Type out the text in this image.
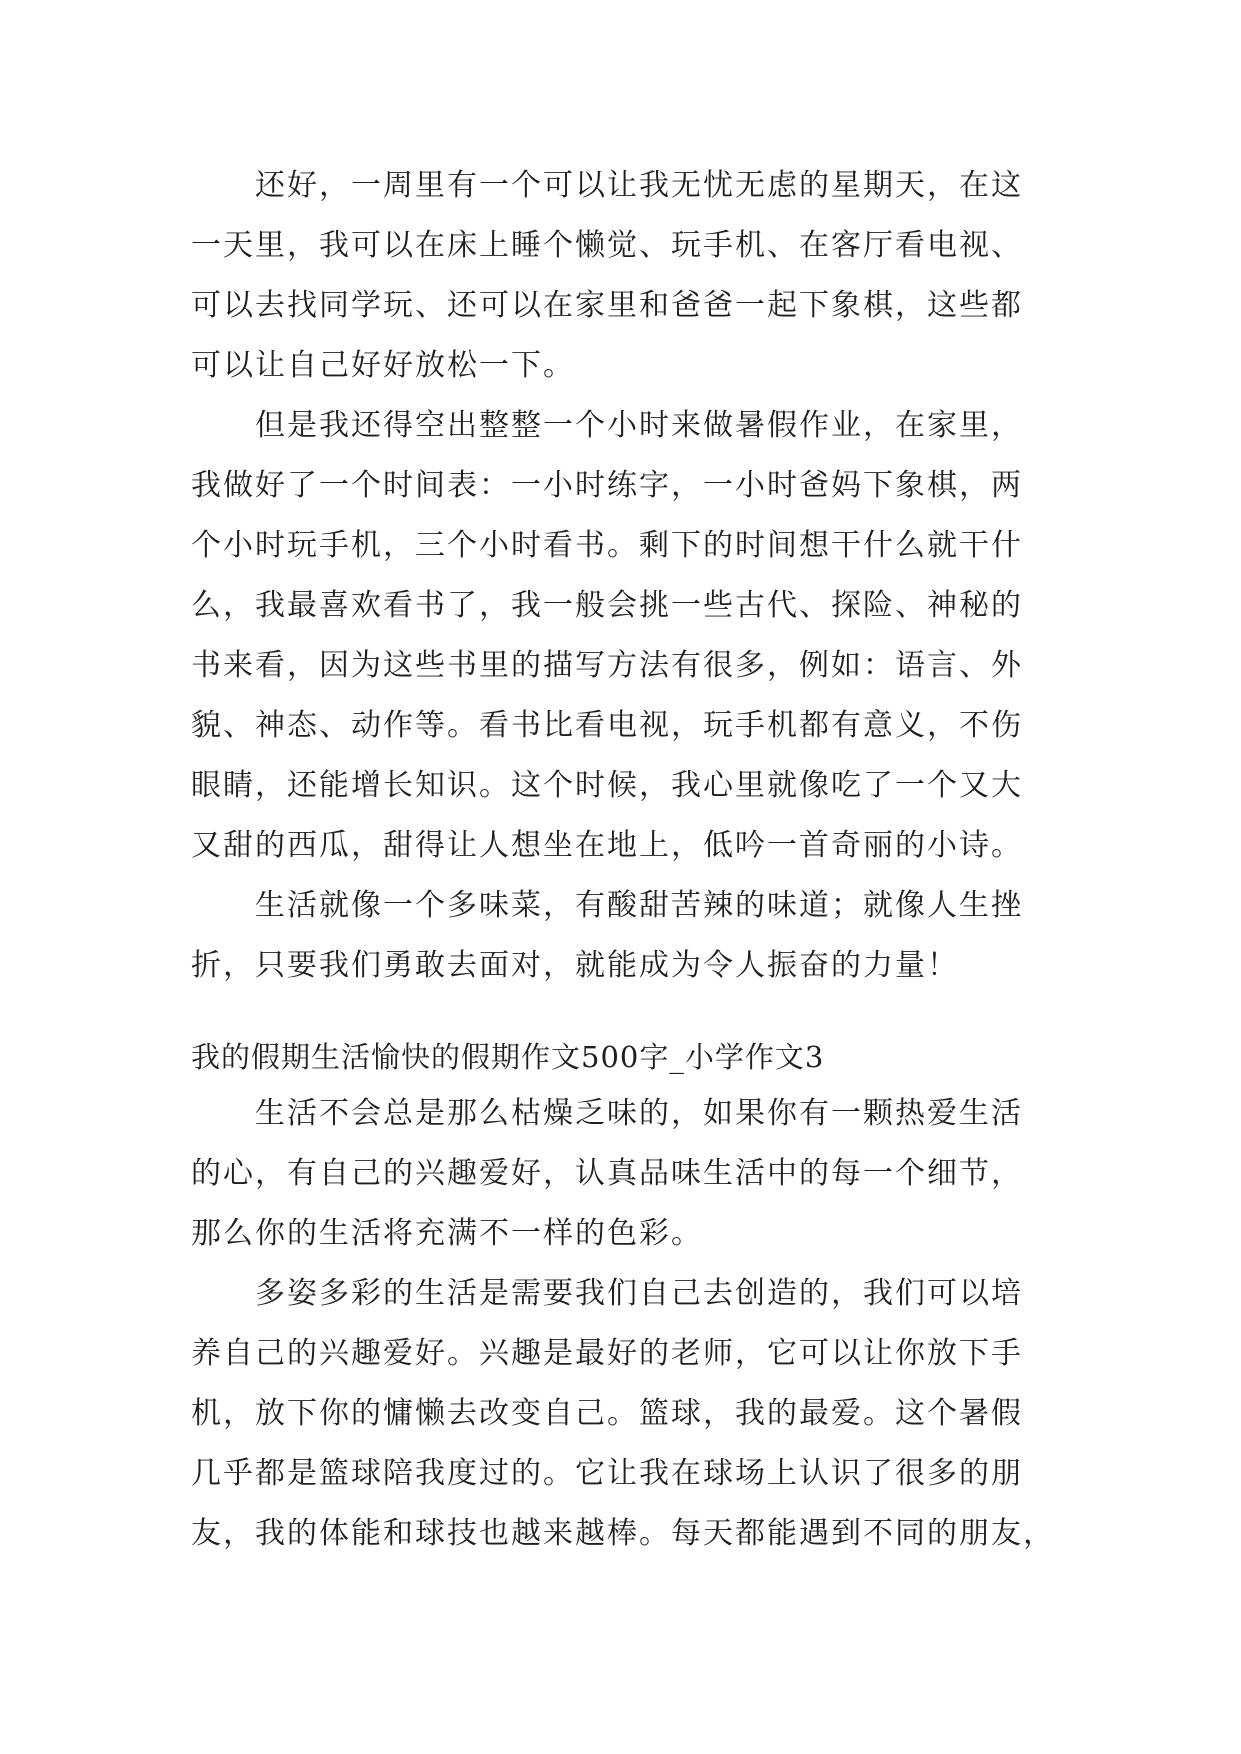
还好，一周里有一个可以让我无忧无虑的星期天，在这
一天里，我可以在床上睡个懒觉、玩手机、在客厅看电视、
可以去找同学玩、还可以在家里和爸爸一起下象棋，这些都
可以让自己好好放松一下。
但是我还得空出整整一个小时来做暑假作业，在家里，
我做好了一个时间表：一小时练字，一小时爸妈下象棋，两
个小时玩手机，三个小时看书。剩下的时间想干什么就干什
么，我最喜欢看书了，我一般会挑一些古代、探险、神秘的
书来看，因为这些书里的描写方法有很多，例如：语言、外
貌、神态、动作等。看书比看电视，玩手机都有意义，不伤
眼睛，还能增长知识。这个时候，我心里就像吃了一个又大
又甜的西瓜，甜得让人想坐在地上，低吟一首奇丽的小诗。
生活就像一个多味菜，有酸甜苦辣的味道；就像人生挫
折，只要我们勇敢去面对，就能成为令人振奋的力量！
我的假期生活愉快的假期作文500字_小学作文3
生活不会总是那么枯燥乏味的，如果你有一颗热爱生活
的心，有自己的兴趣爱好，认真品味生活中的每一个细节，
那么你的生活将充满不一样的色彩。
多姿多彩的生活是需要我们自己去创造的，我们可以培
养自己的兴趣爱好。兴趣是最好的老师，它可以让你放下手
机，放下你的慵懒去改变自己。篮球，我的最爱。这个暑假
几乎都是篮球陪我度过的。它让我在球场上认识了很多的朋
友，我的体能和球技也越来越棒。每天都能遇到不同的朋友，
